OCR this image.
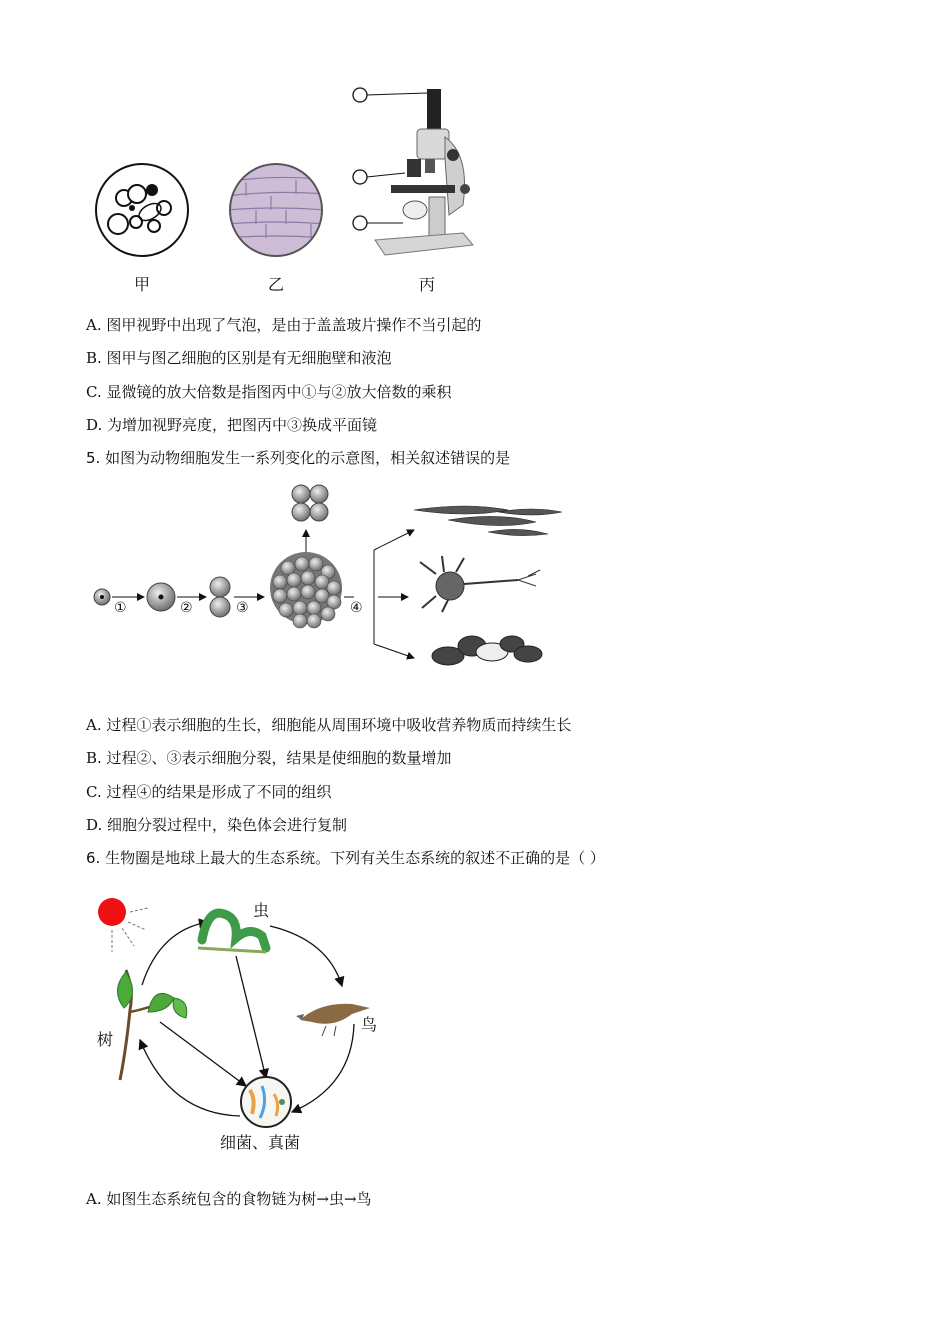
甲	乙	丙
A. 图甲视野中出现了气泡，是由于盖盖玻片操作不当引起的
B. 图甲与图乙细胞的区别是有无细胞壁和液泡
C. 显微镜的放大倍数是指图丙中①与②放大倍数的乘积
D. 为增加视野亮度，把图丙中③换成平面镜
5. 如图为动物细胞发生一系列变化的示意图，相关叙述错误的是
①	②	③	④
A. 过程①表示细胞的生长，细胞能从周围环境中吸收营养物质而持续生长
B. 过程②、③表示细胞分裂，结果是使细胞的数量增加
C. 过程④的结果是形成了不同的组织
D. 细胞分裂过程中，染色体会进行复制
6. 生物圈是地球上最大的生态系统。下列有关生态系统的叙述不正确的是（ ）
虫
鸟
树
细菌、真菌
A. 如图生态系统包含的食物链为树→虫→鸟
